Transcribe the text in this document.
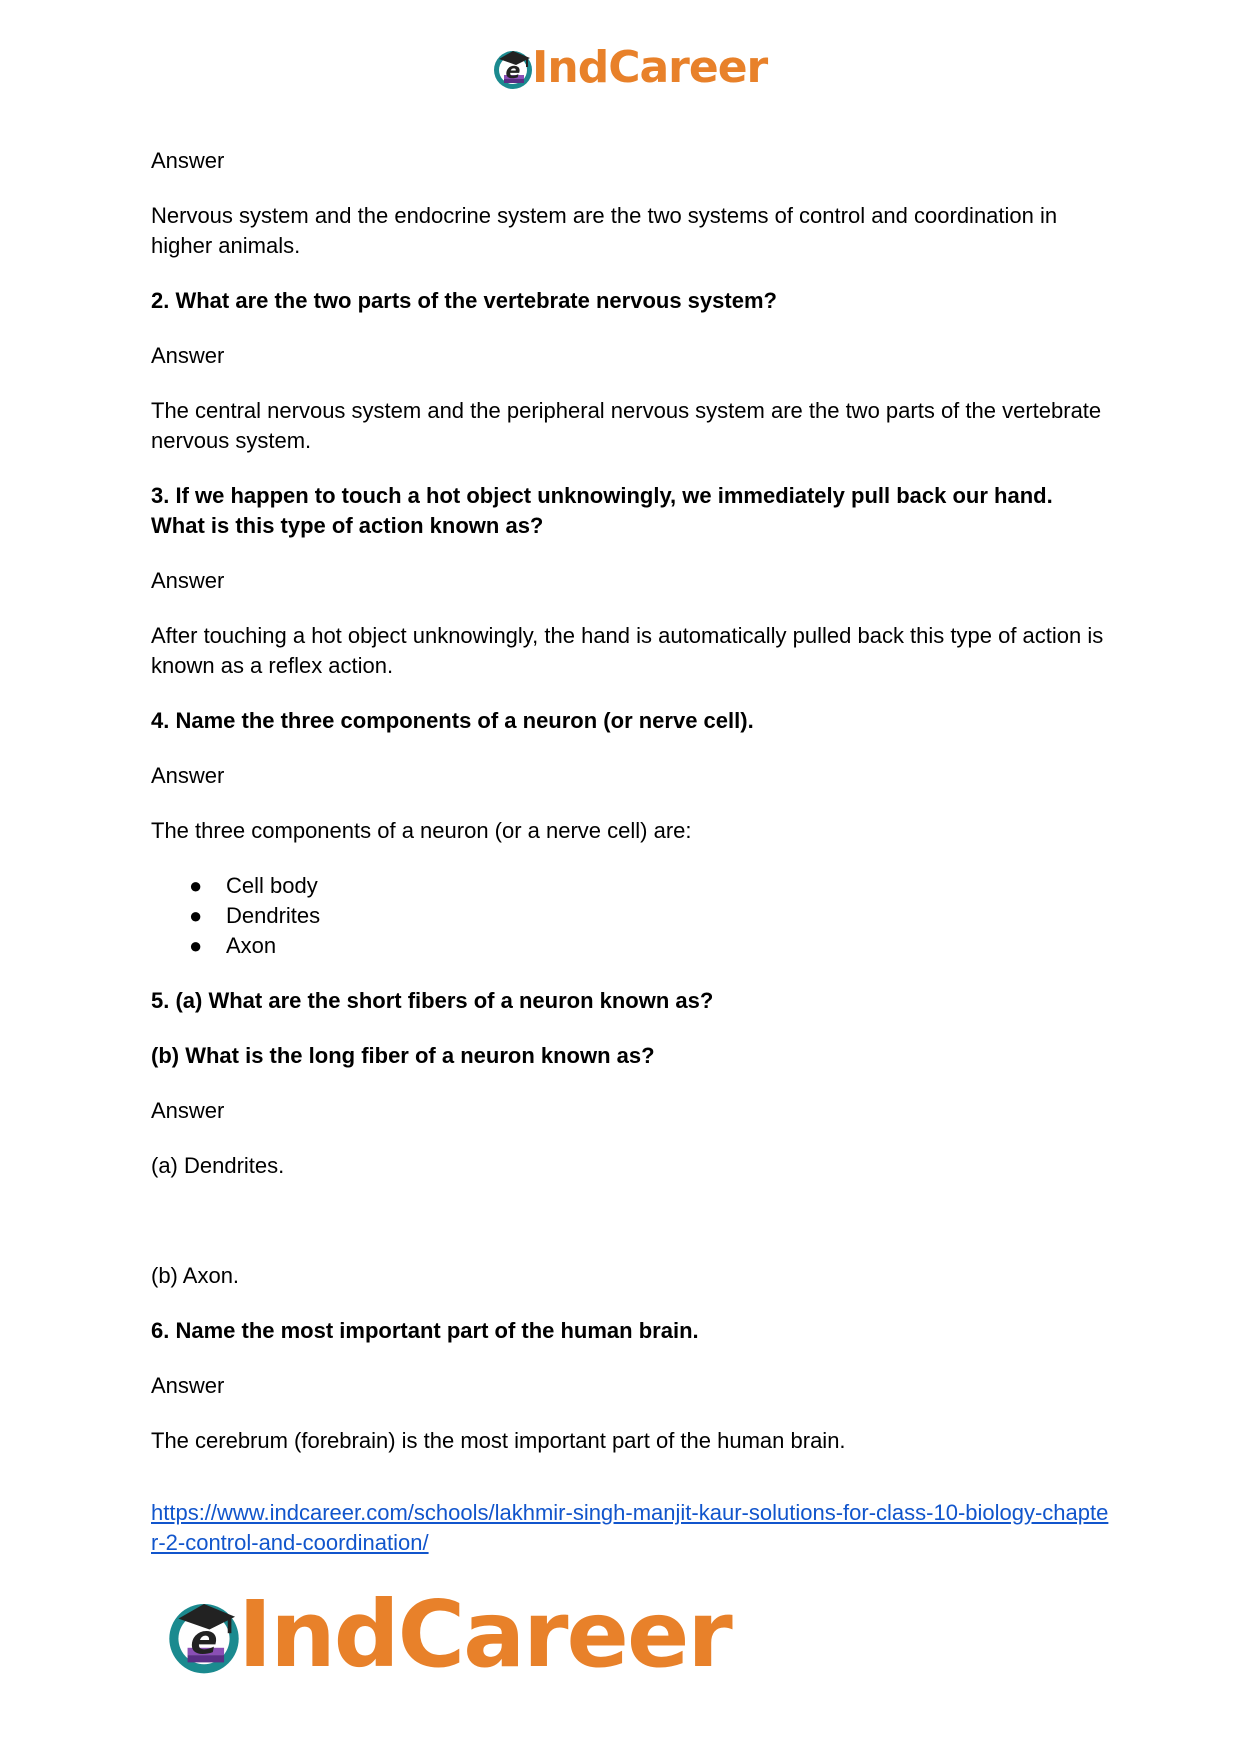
e IndCareer

Answer

Nervous system and the endocrine system are the two systems of control and coordination in higher animals.

2. What are the two parts of the vertebrate nervous system?

Answer

The central nervous system and the peripheral nervous system are the two parts of the vertebrate nervous system.

3. If we happen to touch a hot object unknowingly, we immediately pull back our hand. What is this type of action known as?

Answer

After touching a hot object unknowingly, the hand is automatically pulled back this type of action is known as a reflex action.

4. Name the three components of a neuron (or nerve cell).

Answer

The three components of a neuron (or a nerve cell) are:

● Cell body
● Dendrites
● Axon

5. (a) What are the short fibers of a neuron known as?

(b) What is the long fiber of a neuron known as?

Answer

(a) Dendrites.

(b) Axon.

6. Name the most important part of the human brain.

Answer

The cerebrum (forebrain) is the most important part of the human brain.

https://www.indcareer.com/schools/lakhmir-singh-manjit-kaur-solutions-for-class-10-biology-chapter-2-control-and-coordination/

e IndCareer
